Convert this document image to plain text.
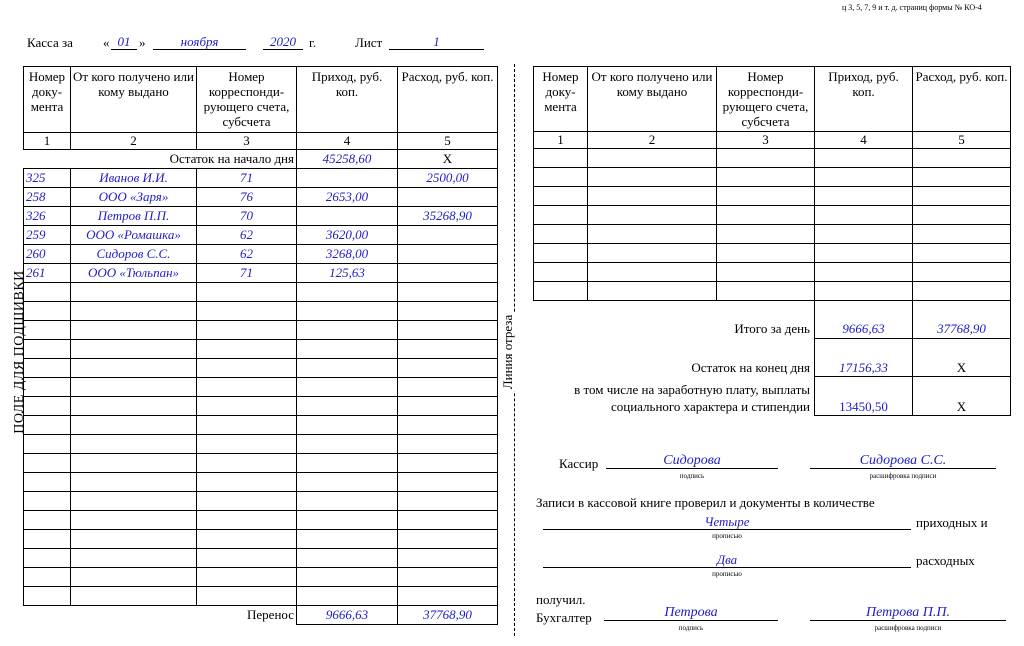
ц 3, 5, 7, 9 и т. д. страниц формы № КО-4
Касса за « 01 »	ноября	2020	г.	Лист	1
ПОЛЕ ДЛЯ ПОДШИВКИ	Линия отреза
Номер доку-мента	От кого получено или кому выдано	Номер корреспонди-рующего счета, субсчета	Приход, руб. коп.	Расход, руб. коп.
1	2	3	4	5
Остаток на начало дня			45258,60	X
325	Иванов И.И.	71		2500,00
258	ООО «Заря»	76	2653,00	
326	Петров П.П.	70		35268,90
259	ООО «Ромашка»	62	3620,00	
260	Сидоров С.С.	62	3268,00	
261	ООО «Тюльпан»	71	125,63	

Перенос			9666,63	37768,90
Номер доку-мента	От кого получено или кому выдано	Номер корреспонди-рующего счета, субсчета	Приход, руб. коп.	Расход, руб. коп.
1	2	3	4	5

Итого за день	9666,63	37768,90
Остаток на конец дня	17156,33	X
в том числе на заработную плату, выплаты
социального характера и стипендии	13450,50	X
Кассир	Сидорова
подпись
Сидорова С.С.
расшифровка подписи
Записи в кассовой книге проверил и документы в количестве
Четыре	приходных и
прописью
Два	расходных
прописью
получил.
Бухгалтер	Петрова
подпись
Петрова П.П.
расшифровка подписи
